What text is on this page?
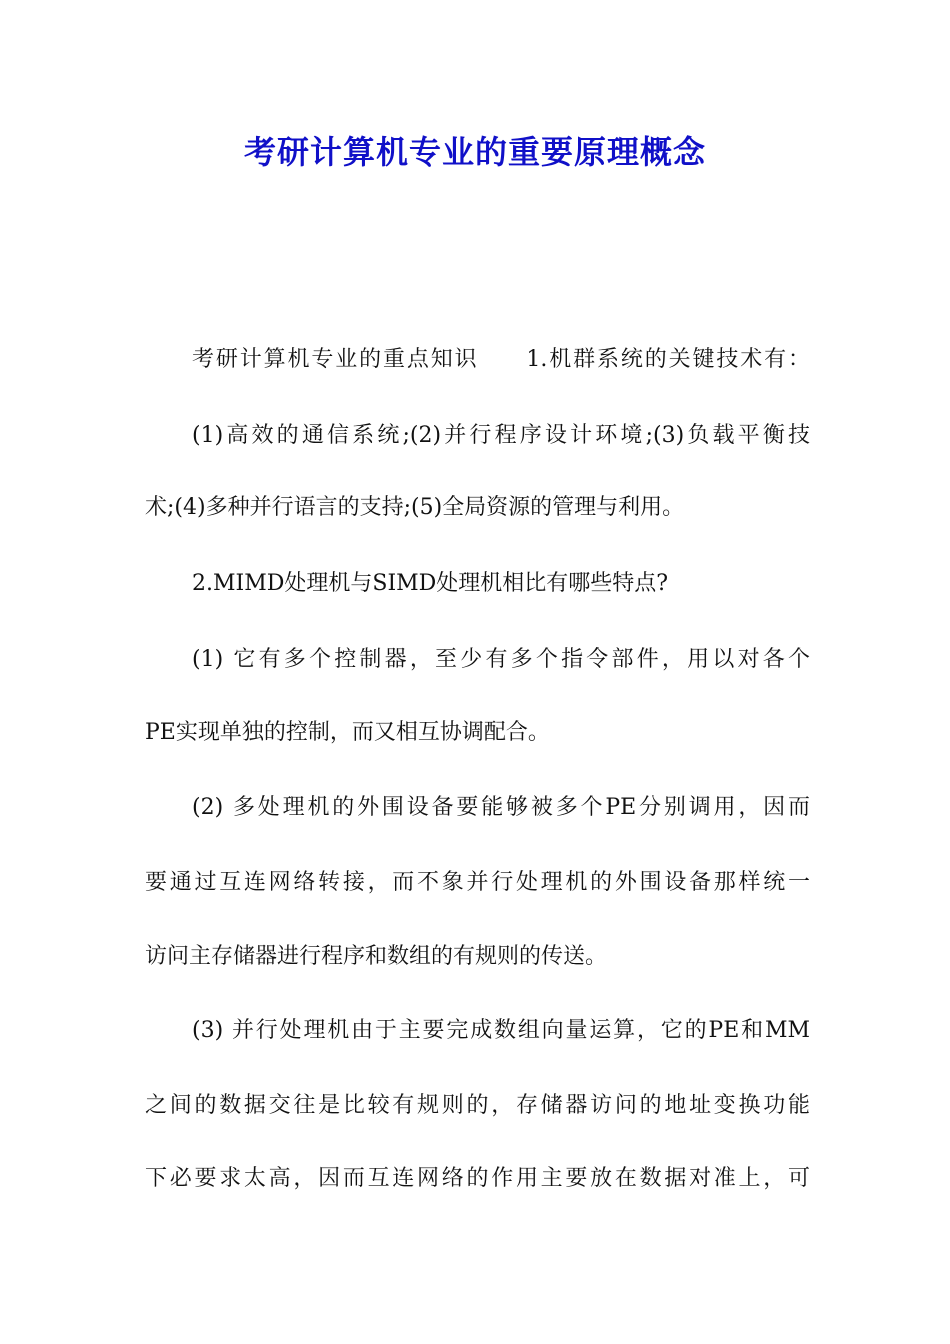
考研计算机专业的重要原理概念
考研计算机专业的重点知识　　1.机群系统的关键技术有：
(1)高效的通信系统;(2)并行程序设计环境;(3)负载平衡技
术;(4)多种并行语言的支持;(5)全局资源的管理与利用。
2.MIMD处理机与SIMD处理机相比有哪些特点?
(1) 它有多个控制器，至少有多个指令部件，用以对各个
PE实现单独的控制，而又相互协调配合。
(2) 多处理机的外围设备要能够被多个PE分别调用，因而
要通过互连网络转接，而不象并行处理机的外围设备那样统一
访问主存储器进行程序和数组的有规则的传送。
(3) 并行处理机由于主要完成数组向量运算，它的PE和MM
之间的数据交往是比较有规则的，存储器访问的地址变换功能
下必要求太高，因而互连网络的作用主要放在数据对准上，可
